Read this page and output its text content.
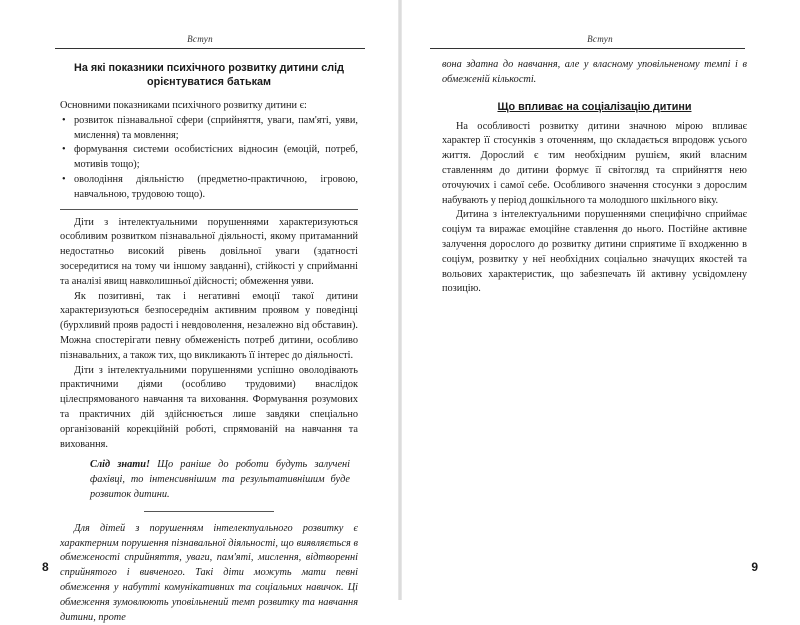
Вступ

На які показники психічного розвитку дитини слід орієнтуватися батькам

Основними показниками психічного розвитку дитини є:

• розвиток пізнавальної сфери (сприйняття, уваги, пам'яті, уяви, мислення) та мовлення;
• формування системи особистісних відносин (емоцій, потреб, мотивів тощо);
• оволодіння діяльністю (предметно-практичною, ігровою, навчальною, трудовою тощо).

Діти з інтелектуальними порушеннями характеризуються особливим розвитком пізнавальної діяльності, якому притаманний недостатньо високий рівень довільної уваги (здатності зосередитися на тому чи іншому завданні), стійкості у сприйманні та аналізі явищ навколишньої дійсності; обмеження уяви.

Як позитивні, так і негативні емоції такої дитини характеризуються безпосереднім активним проявом у поведінці (бурхливий прояв радості і невдоволення, незалежно від обставин). Можна спостерігати певну обмеженість потреб дитини, особливо пізнавальних, а також тих, що викликають її інтерес до діяльності.

Діти з інтелектуальними порушеннями успішно оволодівають практичними діями (особливо трудовими) внаслідок цілеспрямованого навчання та виховання. Формування розумових та практичних дій здійснюється лише завдяки спеціально організованій корекційній роботі, спрямованій на навчання та виховання.

Слід знати! Що раніше до роботи будуть залучені фахівці, то інтенсивнішим та результативнішим буде розвиток дитини.

Для дітей з порушенням інтелектуального розвитку є характерним порушення пізнавальної діяльності, що виявляється в обмеженості сприйняття, уваги, пам'яті, мислення, відтворенні сприйнятого і вивченого. Такі діти можуть мати певні обмеження у набутті комунікативних та соціальних навичок. Ці обмеження зумовлюють уповільнений темп розвитку та навчання дитини, проте

8
Вступ

вона здатна до навчання, але у власному уповільненому темпі і в обмеженій кількості.

Що впливає на соціалізацію дитини

На особливості розвитку дитини значною мірою впливає характер її стосунків з оточенням, що складається впродовж усього життя. Дорослий є тим необхідним рушієм, який власним ставленням до дитини формує її світогляд та сприйняття нею оточуючих і самої себе. Особливого значення стосунки з дорослим набувають у період дошкільного та молодшого шкільного віку.

Дитина з інтелектуальними порушеннями специфічно сприймає соціум та виражає емоційне ставлення до нього. Постійне активне залучення дорослого до розвитку дитини сприятиме її входженню в соціум, розвитку у неї необхідних соціально значущих якостей та вольових характеристик, що забезпечать їй активну усвідомлену позицію.

9
